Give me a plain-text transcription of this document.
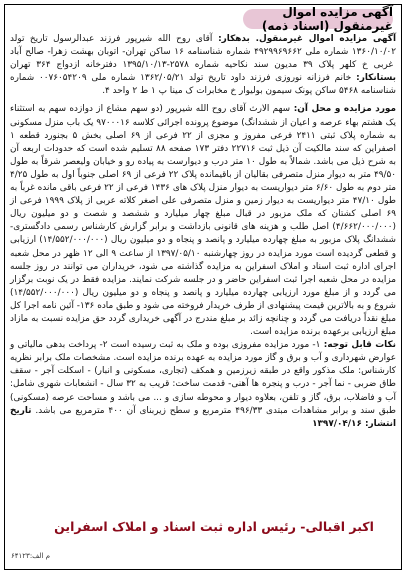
آگهی مزایده اموال غیرمنقول (اسناد ذمه)

آگهی مزایده اموال غیرمنقول. بدهکار: آقای روح الله شیرپور فرزند عبدالرسول تاریخ تولد ۱۳۶۰/۱۰/۰۲ شماره ملی ۴۹۲۹۹۶۹۶۶۲ شماره شناسنامه ۱۶ ساکن تهران- اتوبان بهشت زهرا- صالح آباد غربی خ کلهر پلاک ۳۹ مدیون سند نکاحیه شماره ۲۵۷۸-۱۳۹۵/۱۰/۱۳ دفترخانه ازدواج ۳۶۴ تهران بستانکار: خانم فرزانه نوروزی فرزند داود تاریخ تولد ۱۳۶۲/۰۵/۲۱ شماره ملی ۰۰۷۶۰۵۴۲۰۹ شماره شناسنامه ۵۴۶۸ ساکن پونک سیمون بولیوار خ مخابرات ک مینا پ ۱ ط ۲ واحد ۴.

مورد مزایده و محل آن: سهم الارث آقای روح الله شیرپور (دو سهم مشاع از دوازده سهم به استثناء یک هشتم بهاء عرصه و اعیان از ششدانگ) موضوع پرونده اجرائی کلاسه ۹۷۰۰۰۱۶ یک باب منزل مسکونی به شماره پلاک ثبتی ۲۴۱۱ فرعی مفروز و مجزی از ۲۲ فرعی از ۶۹ اصلی بخش ۵ بجنورد قطعه ۱ اصفراین که سند مالکیت آن ذیل ثبت ۲۲۷۱۶ دفتر ۱۷۳ صفحه ۸۸ تسلیم شده است که حدودات اربعه آن به شرح ذیل می باشد. شمالاً به طول ۱۰ متر درب و دیوارست به پیاده رو و خیابان ولیعصر شرقاً به طول ۴۹/۵۰ متر به دیوار منزل متصرفی بقالیان از باقیمانده پلاک ۲۲ فرعی از ۶۹ اصلی جنوباً اول به طول ۴/۲۵ متر دوم به طول ۶/۶۰ متر دیواریست به دیوار منزل پلاک های ۱۴۳۶ فرعی از ۲۲ فرعی باقی مانده غرباً به طول ۴۷/۱۰ متر دیواریست به دیوار زمین و منزل متصرفی علی اصغر کلاته عربی از پلاک ۱۹۹۹ فرعی از ۶۹ اصلی کشتان که ملک مزبور در قبال مبلغ چهار میلیارد و ششصد و شصت و دو میلیون ریال (۴/۶۶۲/۰۰۰/۰۰۰) اصل طلب و هزینه های قانونی بازداشت و برابر گزارش کارشناس رسمی دادگستری- ششدانگ پلاک مزبور به مبلغ چهارده میلیارد و پانصد و پنجاه و دو میلیون ریال (۱۴/۵۵۲/۰۰۰/۰۰۰) ارزیابی و قطعی گردیده است مورد مزایده در روز چهارشنبه ۱۳۹۷/۰۵/۱۰ از ساعت ۹ الی ۱۲ ظهر در محل شعبه اجرای اداره ثبت اسناد و املاک اسفراین به مزایده گذاشته می شود، خریداران می توانند در روز جلسه مزایده در محل شعبه اجرا ثبت اسفراین حاضر و در جلسه شرکت نمایند. مزایده فقط در یک نوبت برگزار می گردد و از مبلغ مورد ارزیابی چهارده میلیارد و پانصد و پنجاه و دو میلیون ریال (۱۴/۵۵۲/۰۰۰/۰۰۰) شروع و به بالاترین قیمت پیشنهادی از طرف خریدار فروخته می شود و طبق ماده ۱۳۶- آئین نامه اجرا کل مبلغ نقداً دریافت می گردد و چنانچه زائد بر مبلغ مندرج در آگهی خریداری گردد حق مزایده نسبت به مازاد مبلغ ارزیابی برعهده برنده مزایده است.

نکات قابل توجه: ۱- مورد مزایده مفروزی بوده و ملک به ثبت رسیده است ۲- پرداخت بدهی مالیاتی و عوارض شهرداری و آب و برق و گاز مورد مزایده به عهده برنده مزایده است. مشخصات ملک برابر نظریه کارشناس: ملک مذکور واقع در طبقه زیرزمین و همکف (تجاری، مسکونی و انبار) - اسکلت آجر - سقف طاق ضربی - نما آجر - درب و پنجره ها آهنی- قدمت ساخت: قریب به ۳۲ سال - انشعابات شهری شامل: آب و فاضلاب، برق، گاز و تلفن، بعلاوه دیوار و محوطه سازی و ... می باشد و مساحت عرصه (مسکونی) طبق سند و برابر مشاهدات مبتدی ۴۹۶/۳۳ مترمربع و سطح زیربنای آن ۴۰۰ مترمربع می باشد. تاریخ انتشار: ۱۳۹۷/۰۴/۱۶

اکبر اقبالی- رئیس اداره ثبت اسناد و املاک اسفراین
م الف:۶۴۱۲۳
